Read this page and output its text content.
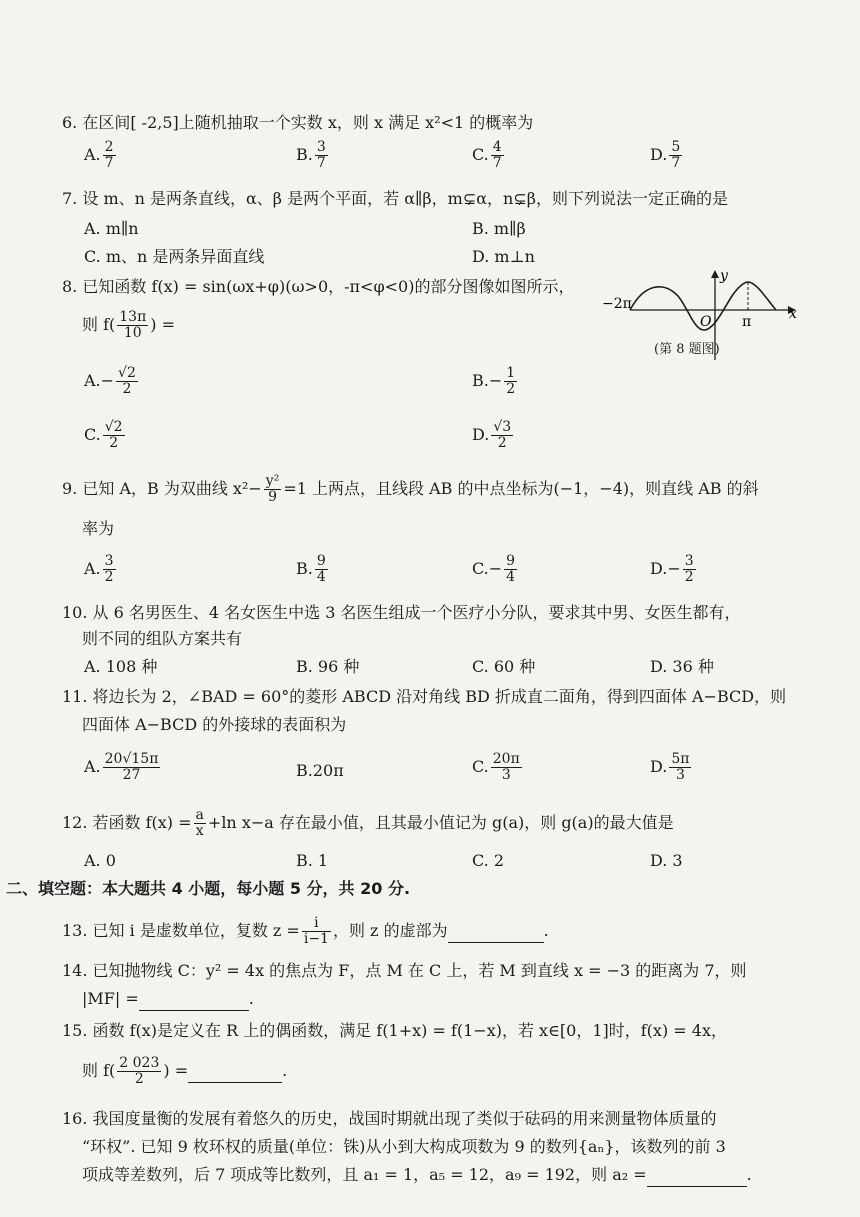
6. 在区间[ -2,5]上随机抽取一个实数 x，则 x 满足 x²<1 的概率为
A. $\frac{2}{7}$	B. $\frac{3}{7}$	C. $\frac{4}{7}$	D. $\frac{5}{7}$
7. 设 m、n 是两条直线，α、β 是两个平面，若 α∥β，m⊊α，n⊊β，则下列说法一定正确的是
A. m∥n	B. m∥β
C. m、n 是两条异面直线	D. m⊥n
8. 已知函数 f(x) = sin(ωx+φ)(ω>0，-π<φ<0)的部分图像如图所示，
则 $f( \frac{13\pi}{10}$ ) =
−2π
O π	x
y
(第 8 题图)
$A.- \frac{√2}{2}$	$B.- \frac{1}{2}$
C. $\frac{√2}{2}$	D. $\frac{√3}{2}$
9. 已知 A，B 为双曲线 $x^2- \frac{\text{y²}}{9} =1$ 上两点，且线段 AB 的中点坐标为(−1，−4)，则直线 AB 的斜
率为
A. $\frac{3}{2}$	B. $\frac{9}{4}$	$C.- \frac{9}{4}$	$D.- \frac{3}{2}$
10. 从 6 名男医生、4 名女医生中选 3 名医生组成一个医疗小分队，要求其中男、女医生都有，
则不同的组队方案共有
A. 108 种	B. 96 种	C. 60 种	D. 36 种
11. 将边长为 2，∠BAD = 60°的菱形 ABCD 沿对角线 BD 折成直二面角，得到四面体 A−BCD，则
四面体 A−BCD 的外接球的表面积为
A. $\frac{20√15\pi}{27}$	B.20π	C. $\frac{20\pi}{3}$	D. $\frac{5\pi}{3}$
12. 若函数 $f(x) = \frac{a}{x} +\ln$ x−a 存在最小值，且其最小值记为 g(a)，则 g(a)的最大值是
A. 0	B. 1	C. 2	D. 3
二、填空题：本大题共 4 小题，每小题 5 分，共 20 分.
13. 已知 i 是虚数单位，复数 $z = \frac{i}{i-1}$ ，则 z 的虚部为	.
14. 已知抛物线 C：y² = 4x 的焦点为 F，点 M 在 C 上，若 M 到直线 x = −3 的距离为 7，则
|MF| =	.
15. 函数 f(x)是定义在 R 上的偶函数，满足 f(1+x) = f(1−x)，若 x∈[0，1]时，f(x) = 4x，
则 $f( \frac{2 023}{2}$ ) =	.
16. 我国度量衡的发展有着悠久的历史，战国时期就出现了类似于砝码的用来测量物体质量的
“环权”. 已知 9 枚环权的质量(单位：铢)从小到大构成项数为 9 的数列{aₙ}，该数列的前 3
项成等差数列，后 7 项成等比数列，且 a₁ = 1，a₅ = 12，a₉ = 192，则 a₂ =	.
